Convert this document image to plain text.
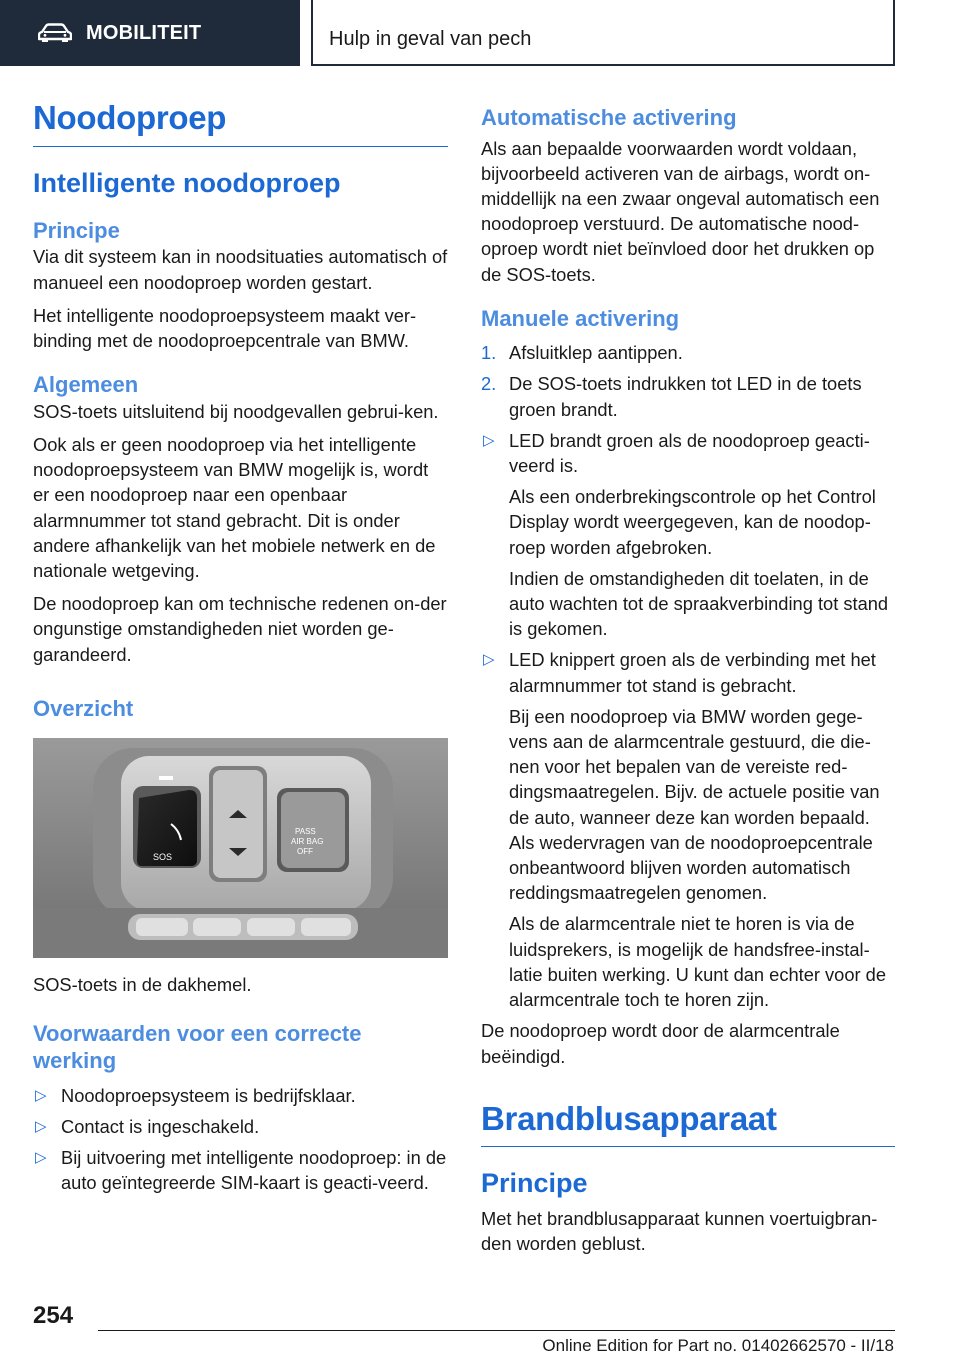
MOBILITEIT	Hulp in geval van pech
Noodoproep
Intelligente noodoproep
Principe

Via dit systeem kan in noodsituaties automatisch of manueel een noodoproep worden gestart.

Het intelligente noodoproepsysteem maakt ver‐binding met de noodoproepcentrale van BMW.

Algemeen

SOS-toets uitsluitend bij noodgevallen gebrui‐ken.

Ook als er geen noodoproep via het intelligente noodoproepsysteem van BMW mogelijk is, wordt er een noodoproep naar een openbaar alarmnummer tot stand gebracht. Dit is onder andere afhankelijk van het mobiele netwerk en de nationale wetgeving.

De noodoproep kan om technische redenen on‐der ongunstige omstandigheden niet worden ge‐garandeerd.

Overzicht
SOS
PASS
AIR BAG
OFF

SOS-toets in de dakhemel.

Voorwaarden voor een correcte werking
▷ Noodoproepsysteem is bedrijfsklaar.
▷ Contact is ingeschakeld.
▷ Bij uitvoering met intelligente noodoproep: in de auto geïntegreerde SIM-kaart is geacti‐veerd.
Automatische activering

Als aan bepaalde voorwaarden wordt voldaan, bijvoorbeeld activeren van de airbags, wordt on‐middellijk na een zwaar ongeval automatisch een noodoproep verstuurd. De automatische nood‐oproep wordt niet beïnvloed door het drukken op de SOS-toets.

Manuele activering
1. Afsluitklep aantippen.
2. De SOS-toets indrukken tot LED in de toets groen brandt.
▷ LED brandt groen als de noodoproep geacti‐veerd is.
Als een onderbrekingscontrole op het Control Display wordt weergegeven, kan de noodop‐roep worden afgebroken.
Indien de omstandigheden dit toelaten, in de auto wachten tot de spraakverbinding tot stand is gekomen.
▷ LED knippert groen als de verbinding met het alarmnummer tot stand is gebracht.
Bij een noodoproep via BMW worden gege‐vens aan de alarmcentrale gestuurd, die die‐nen voor het bepalen van de vereiste red‐dingsmaatregelen. Bijv. de actuele positie van de auto, wanneer deze kan worden bepaald. Als wedervragen van de noodoproepcentrale onbeantwoord blijven worden automatisch reddingsmaatregelen genomen.
Als de alarmcentrale niet te horen is via de luidsprekers, is mogelijk de handsfree-instal‐latie buiten werking. U kunt dan echter voor de alarmcentrale toch te horen zijn.

De noodoproep wordt door de alarmcentrale beëindigd.

Brandblusapparaat
Principe

Met het brandblusapparaat kunnen voertuigbran‐den worden geblust.

254
Online Edition for Part no. 01402662570 - II/18
